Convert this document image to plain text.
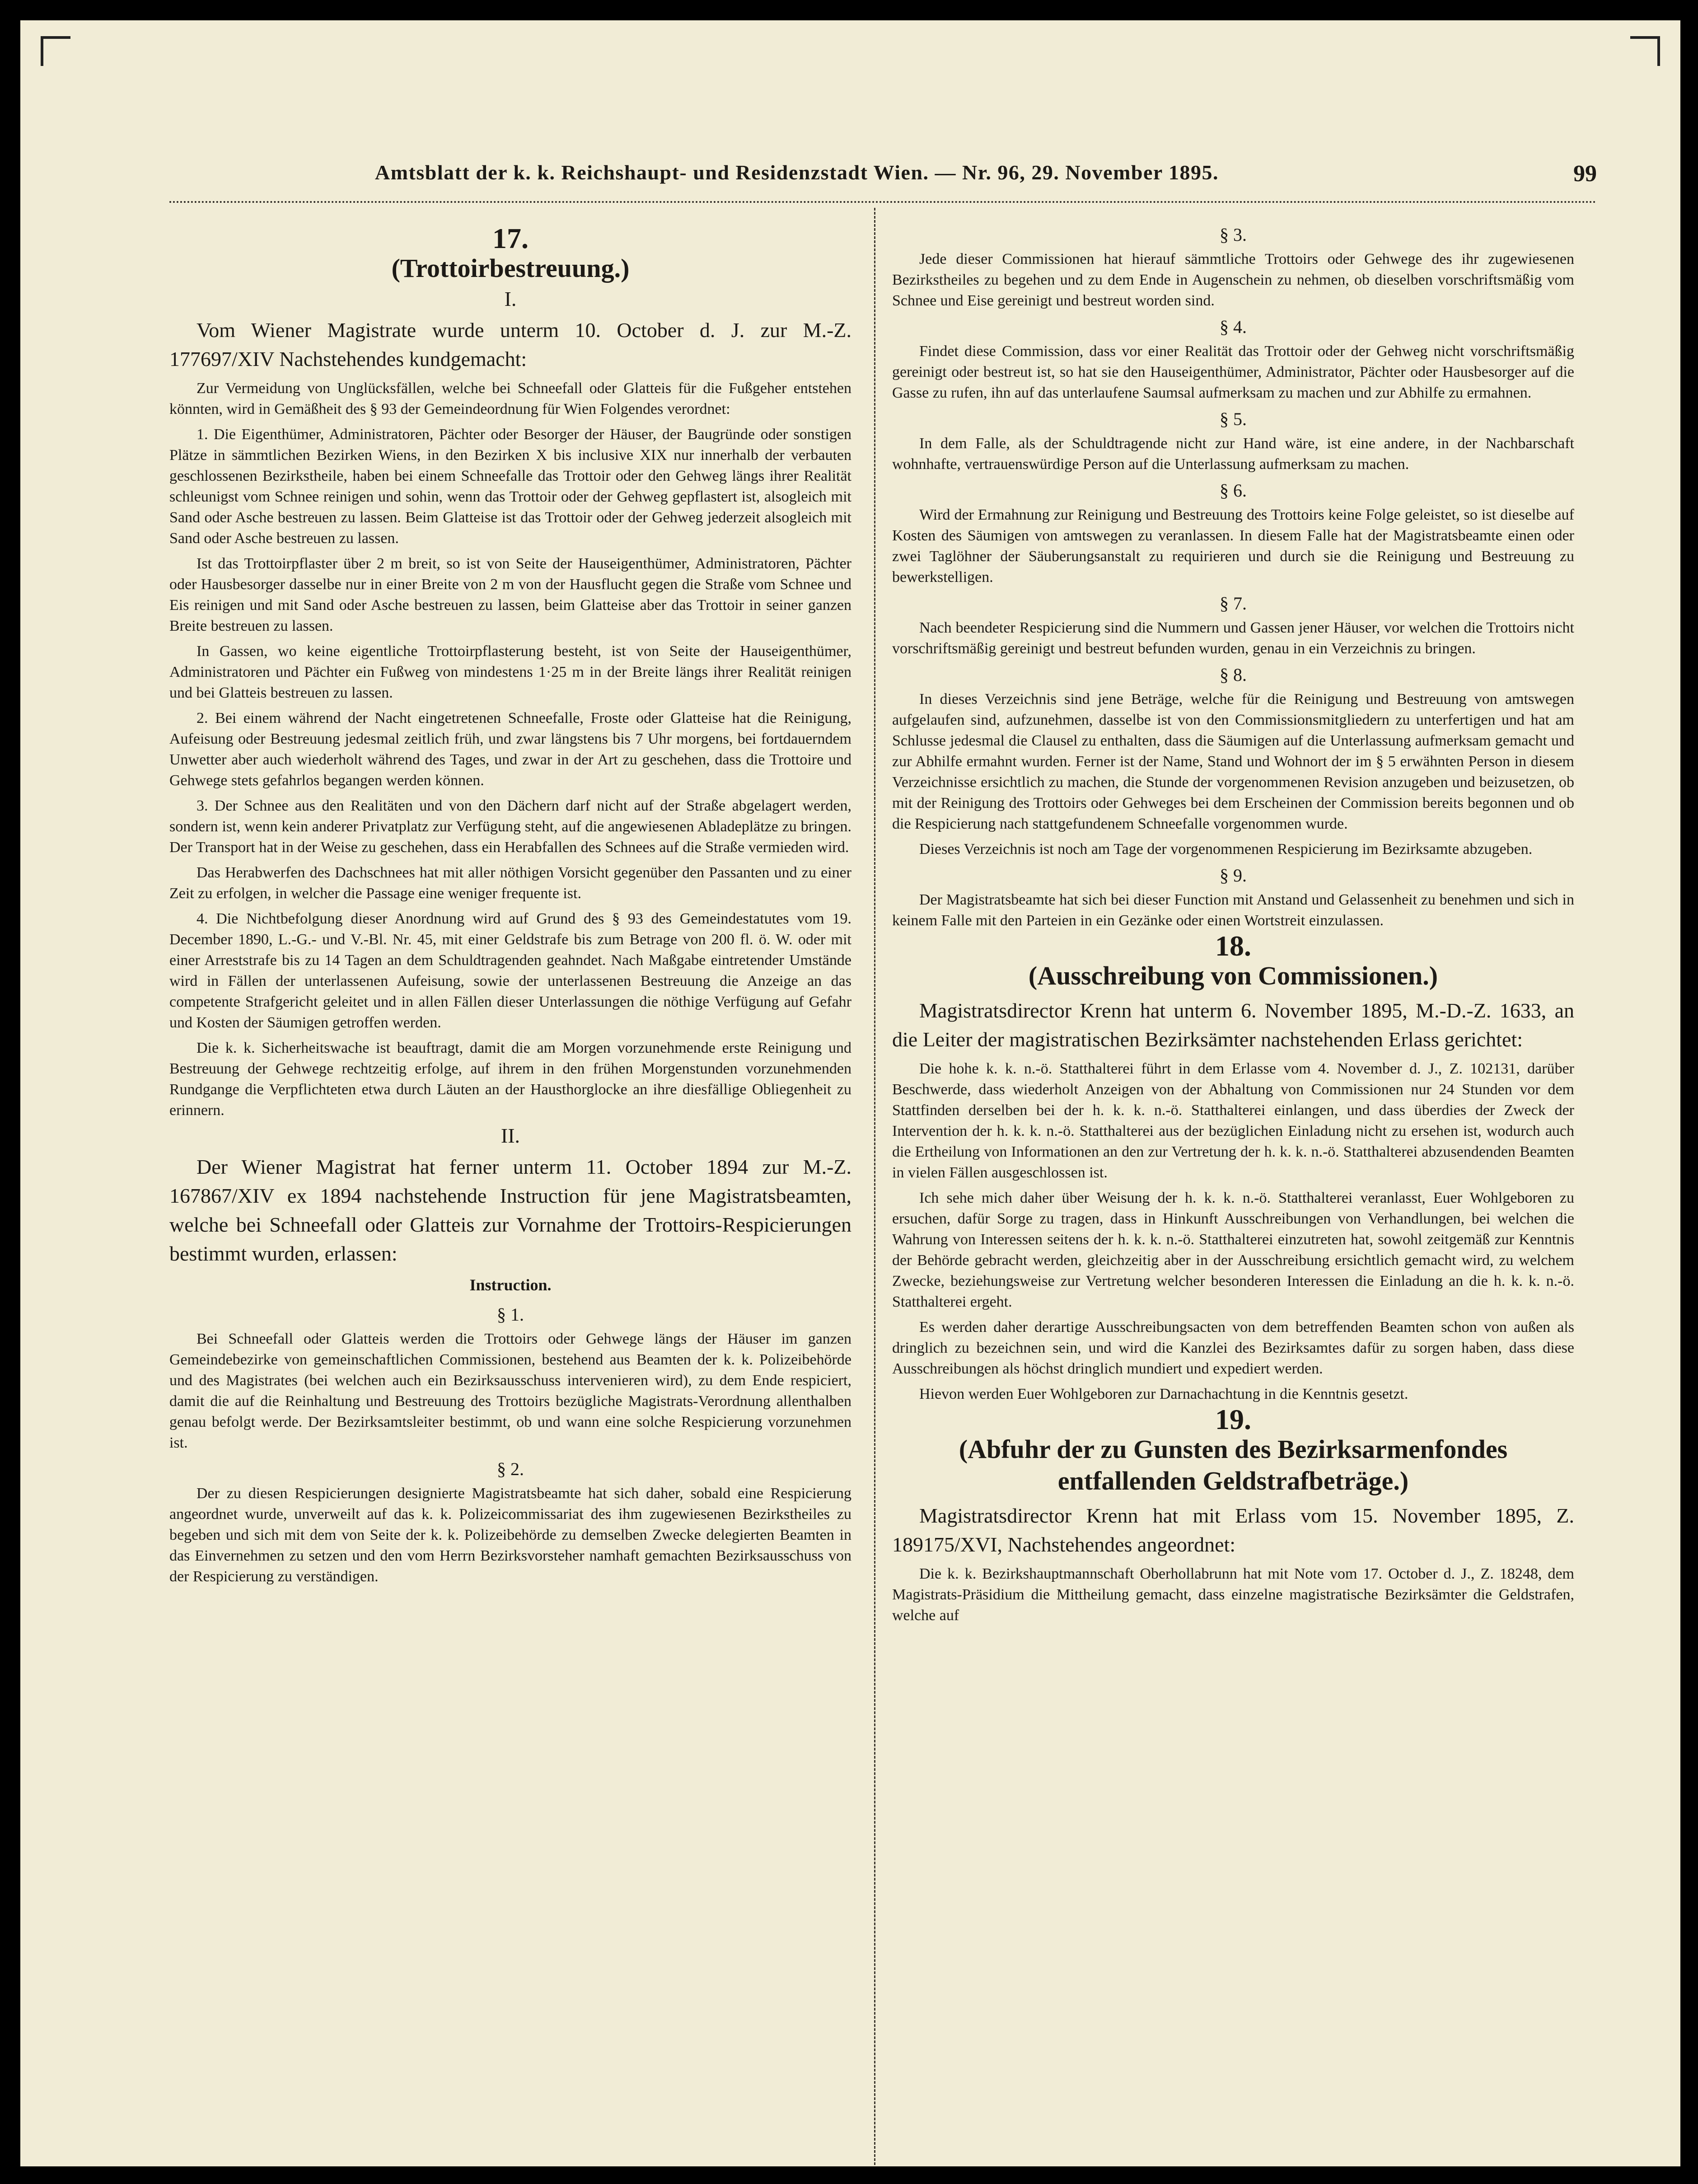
Amtsblatt der k. k. Reichshaupt- und Residenzstadt Wien. — Nr. 96, 29. November 1895.	99
17.
(Trottoirbestreuung.)
I.

Vom Wiener Magistrate wurde unterm 10. October d. J. zur M.-Z. 177697/XIV Nachstehendes kundgemacht:

Zur Vermeidung von Unglücksfällen, welche bei Schneefall oder Glatteis für die Fußgeher entstehen könnten, wird in Gemäßheit des § 93 der Gemeindeordnung für Wien Folgendes verordnet:

1. Die Eigenthümer, Administratoren, Pächter oder Besorger der Häuser, der Baugründe oder sonstigen Plätze in sämmtlichen Bezirken Wiens, in den Bezirken X bis inclusive XIX nur innerhalb der verbauten geschlossenen Bezirkstheile, haben bei einem Schneefalle das Trottoir oder den Gehweg längs ihrer Realität schleunigst vom Schnee reinigen und sohin, wenn das Trottoir oder der Gehweg gepflastert ist, alsogleich mit Sand oder Asche bestreuen zu lassen. Beim Glatteise ist das Trottoir oder der Gehweg jederzeit alsogleich mit Sand oder Asche bestreuen zu lassen.

Ist das Trottoirpflaster über 2 m breit, so ist von Seite der Hauseigenthümer, Administratoren, Pächter oder Hausbesorger dasselbe nur in einer Breite von 2 m von der Hausflucht gegen die Straße vom Schnee und Eis reinigen und mit Sand oder Asche bestreuen zu lassen, beim Glatteise aber das Trottoir in seiner ganzen Breite bestreuen zu lassen.

In Gassen, wo keine eigentliche Trottoirpflasterung besteht, ist von Seite der Hauseigenthümer, Administratoren und Pächter ein Fußweg von mindestens 1·25 m in der Breite längs ihrer Realität reinigen und bei Glatteis bestreuen zu lassen.

2. Bei einem während der Nacht eingetretenen Schneefalle, Froste oder Glatteise hat die Reinigung, Aufeisung oder Bestreuung jedesmal zeitlich früh, und zwar längstens bis 7 Uhr morgens, bei fortdauerndem Unwetter aber auch wiederholt während des Tages, und zwar in der Art zu geschehen, dass die Trottoire und Gehwege stets gefahrlos begangen werden können.

3. Der Schnee aus den Realitäten und von den Dächern darf nicht auf der Straße abgelagert werden, sondern ist, wenn kein anderer Privatplatz zur Verfügung steht, auf die angewiesenen Abladeplätze zu bringen. Der Transport hat in der Weise zu geschehen, dass ein Herabfallen des Schnees auf die Straße vermieden wird.

Das Herabwerfen des Dachschnees hat mit aller nöthigen Vorsicht gegenüber den Passanten und zu einer Zeit zu erfolgen, in welcher die Passage eine weniger frequente ist.

4. Die Nichtbefolgung dieser Anordnung wird auf Grund des § 93 des Gemeindestatutes vom 19. December 1890, L.-G.- und V.-Bl. Nr. 45, mit einer Geldstrafe bis zum Betrage von 200 fl. ö. W. oder mit einer Arreststrafe bis zu 14 Tagen an dem Schuldtragenden geahndet. Nach Maßgabe eintretender Umstände wird in Fällen der unterlassenen Aufeisung, sowie der unterlassenen Bestreuung die Anzeige an das competente Strafgericht geleitet und in allen Fällen dieser Unterlassungen die nöthige Verfügung auf Gefahr und Kosten der Säumigen getroffen werden.

Die k. k. Sicherheitswache ist beauftragt, damit die am Morgen vorzunehmende erste Reinigung und Bestreuung der Gehwege rechtzeitig erfolge, auf ihrem in den frühen Morgenstunden vorzunehmenden Rundgange die Verpflichteten etwa durch Läuten an der Hausthorglocke an ihre diesfällige Obliegenheit zu erinnern.

II.

Der Wiener Magistrat hat ferner unterm 11. October 1894 zur M.-Z. 167867/XIV ex 1894 nachstehende Instruction für jene Magistratsbeamten, welche bei Schneefall oder Glatteis zur Vornahme der Trottoirs-Respicierungen bestimmt wurden, erlassen:

Instruction.
§ 1.

Bei Schneefall oder Glatteis werden die Trottoirs oder Gehwege längs der Häuser im ganzen Gemeindebezirke von gemeinschaftlichen Commissionen, bestehend aus Beamten der k. k. Polizeibehörde und des Magistrates (bei welchen auch ein Bezirksausschuss intervenieren wird), zu dem Ende respiciert, damit die auf die Reinhaltung und Bestreuung des Trottoirs bezügliche Magistrats-Verordnung allenthalben genau befolgt werde. Der Bezirksamtsleiter bestimmt, ob und wann eine solche Respicierung vorzunehmen ist.

§ 2.

Der zu diesen Respicierungen designierte Magistratsbeamte hat sich daher, sobald eine Respicierung angeordnet wurde, unverweilt auf das k. k. Polizeicommissariat des ihm zugewiesenen Bezirkstheiles zu begeben und sich mit dem von Seite der k. k. Polizeibehörde zu demselben Zwecke delegierten Beamten in das Einvernehmen zu setzen und den vom Herrn Bezirksvorsteher namhaft gemachten Bezirksausschuss von der Respicierung zu verständigen.

§ 3.

Jede dieser Commissionen hat hierauf sämmtliche Trottoirs oder Gehwege des ihr zugewiesenen Bezirkstheiles zu begehen und zu dem Ende in Augenschein zu nehmen, ob dieselben vorschriftsmäßig vom Schnee und Eise gereinigt und bestreut worden sind.

§ 4.

Findet diese Commission, dass vor einer Realität das Trottoir oder der Gehweg nicht vorschriftsmäßig gereinigt oder bestreut ist, so hat sie den Hauseigenthümer, Administrator, Pächter oder Hausbesorger auf die Gasse zu rufen, ihn auf das unterlaufene Saumsal aufmerksam zu machen und zur Abhilfe zu ermahnen.

§ 5.

In dem Falle, als der Schuldtragende nicht zur Hand wäre, ist eine andere, in der Nachbarschaft wohnhafte, vertrauenswürdige Person auf die Unterlassung aufmerksam zu machen.

§ 6.

Wird der Ermahnung zur Reinigung und Bestreuung des Trottoirs keine Folge geleistet, so ist dieselbe auf Kosten des Säumigen von amtswegen zu veranlassen. In diesem Falle hat der Magistratsbeamte einen oder zwei Taglöhner der Säuberungsanstalt zu requirieren und durch sie die Reinigung und Bestreuung zu bewerkstelligen.

§ 7.

Nach beendeter Respicierung sind die Nummern und Gassen jener Häuser, vor welchen die Trottoirs nicht vorschriftsmäßig gereinigt und bestreut befunden wurden, genau in ein Verzeichnis zu bringen.

§ 8.

In dieses Verzeichnis sind jene Beträge, welche für die Reinigung und Bestreuung von amtswegen aufgelaufen sind, aufzunehmen, dasselbe ist von den Commissionsmitgliedern zu unterfertigen und hat am Schlusse jedesmal die Clausel zu enthalten, dass die Säumigen auf die Unterlassung aufmerksam gemacht und zur Abhilfe ermahnt wurden. Ferner ist der Name, Stand und Wohnort der im § 5 erwähnten Person in diesem Verzeichnisse ersichtlich zu machen, die Stunde der vorgenommenen Revision anzugeben und beizusetzen, ob mit der Reinigung des Trottoirs oder Gehweges bei dem Erscheinen der Commission bereits begonnen und ob die Respicierung nach stattgefundenem Schneefalle vorgenommen wurde.

Dieses Verzeichnis ist noch am Tage der vorgenommenen Respicierung im Bezirksamte abzugeben.

§ 9.

Der Magistratsbeamte hat sich bei dieser Function mit Anstand und Gelassenheit zu benehmen und sich in keinem Falle mit den Parteien in ein Gezänke oder einen Wortstreit einzulassen.

18.
(Ausschreibung von Commissionen.)

Magistratsdirector Krenn hat unterm 6. November 1895, M.-D.-Z. 1633, an die Leiter der magistratischen Bezirksämter nachstehenden Erlass gerichtet:

Die hohe k. k. n.-ö. Statthalterei führt in dem Erlasse vom 4. November d. J., Z. 102131, darüber Beschwerde, dass wiederholt Anzeigen von der Abhaltung von Commissionen nur 24 Stunden vor dem Stattfinden derselben bei der h. k. k. n.-ö. Statthalterei einlangen, und dass überdies der Zweck der Intervention der h. k. k. n.-ö. Statthalterei aus der bezüglichen Einladung nicht zu ersehen ist, wodurch auch die Ertheilung von Informationen an den zur Vertretung der h. k. k. n.-ö. Statthalterei abzusendenden Beamten in vielen Fällen ausgeschlossen ist.

Ich sehe mich daher über Weisung der h. k. k. n.-ö. Statthalterei veranlasst, Euer Wohlgeboren zu ersuchen, dafür Sorge zu tragen, dass in Hinkunft Ausschreibungen von Verhandlungen, bei welchen die Wahrung von Interessen seitens der h. k. k. n.-ö. Statthalterei einzutreten hat, sowohl zeitgemäß zur Kenntnis der Behörde gebracht werden, gleichzeitig aber in der Ausschreibung ersichtlich gemacht wird, zu welchem Zwecke, beziehungsweise zur Vertretung welcher besonderen Interessen die Einladung an die h. k. k. n.-ö. Statthalterei ergeht.

Es werden daher derartige Ausschreibungsacten von dem betreffenden Beamten schon von außen als dringlich zu bezeichnen sein, und wird die Kanzlei des Bezirksamtes dafür zu sorgen haben, dass diese Ausschreibungen als höchst dringlich mundiert und expediert werden.

Hievon werden Euer Wohlgeboren zur Darnachachtung in die Kenntnis gesetzt.

19.
(Abfuhr der zu Gunsten des Bezirksarmenfondes entfallenden Geldstrafbeträge.)

Magistratsdirector Krenn hat mit Erlass vom 15. November 1895, Z. 189175/XVI, Nachstehendes angeordnet:

Die k. k. Bezirkshauptmannschaft Oberhollabrunn hat mit Note vom 17. October d. J., Z. 18248, dem Magistrats-Präsidium die Mittheilung gemacht, dass einzelne magistratische Bezirksämter die Geldstrafen, welche auf
